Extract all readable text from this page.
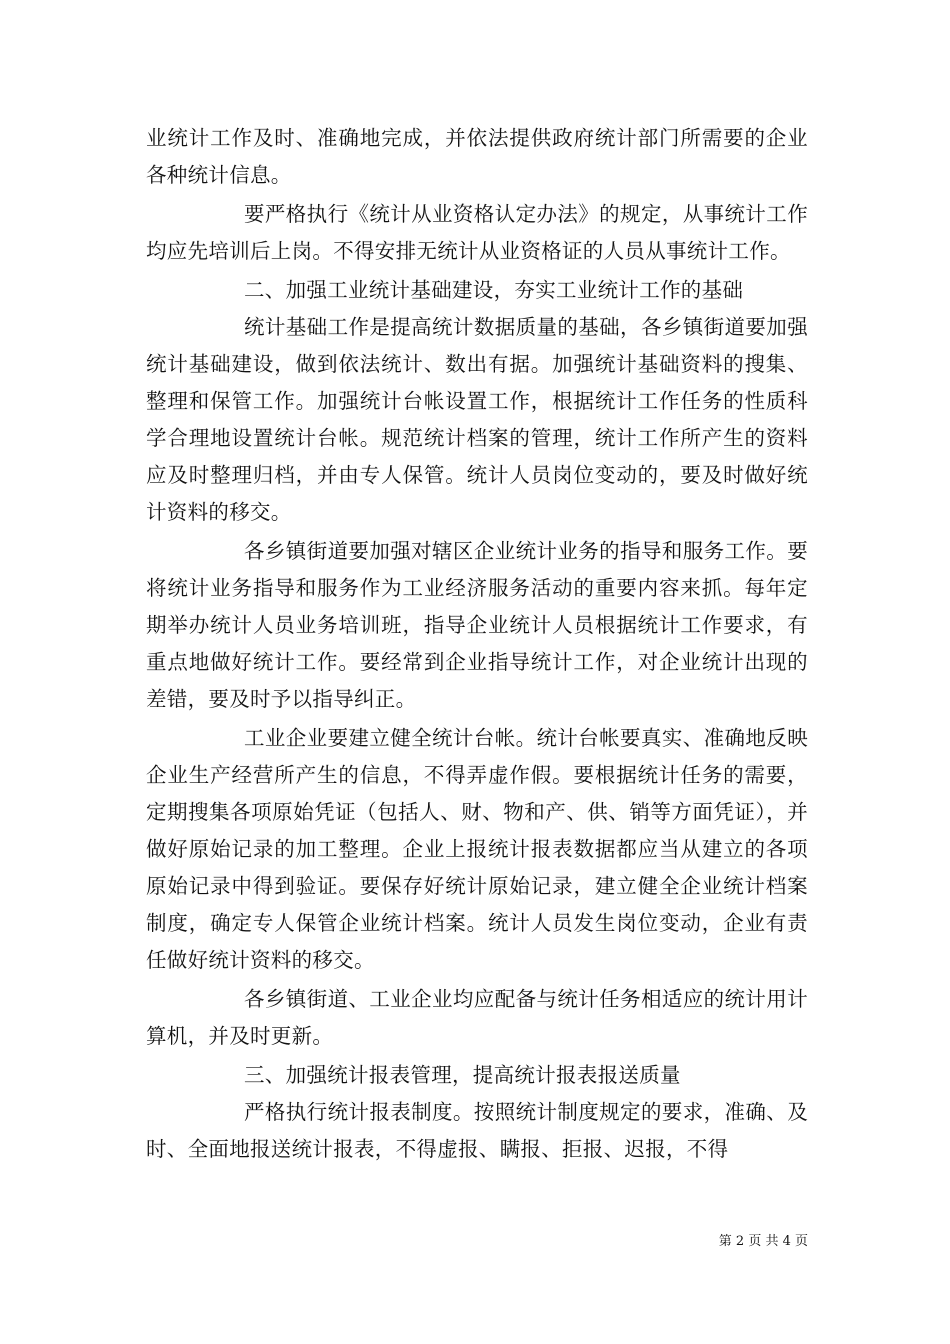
业统计工作及时、准确地完成，并依法提供政府统计部门所需要的企业各种统计信息。

要严格执行《统计从业资格认定办法》的规定，从事统计工作均应先培训后上岗。不得安排无统计从业资格证的人员从事统计工作。

二、加强工业统计基础建设，夯实工业统计工作的基础

统计基础工作是提高统计数据质量的基础，各乡镇街道要加强统计基础建设，做到依法统计、数出有据。加强统计基础资料的搜集、整理和保管工作。加强统计台帐设置工作，根据统计工作任务的性质科学合理地设置统计台帐。规范统计档案的管理，统计工作所产生的资料应及时整理归档，并由专人保管。统计人员岗位变动的，要及时做好统计资料的移交。

各乡镇街道要加强对辖区企业统计业务的指导和服务工作。要将统计业务指导和服务作为工业经济服务活动的重要内容来抓。每年定期举办统计人员业务培训班，指导企业统计人员根据统计工作要求，有重点地做好统计工作。要经常到企业指导统计工作，对企业统计出现的差错，要及时予以指导纠正。

工业企业要建立健全统计台帐。统计台帐要真实、准确地反映企业生产经营所产生的信息，不得弄虚作假。要根据统计任务的需要，定期搜集各项原始凭证（包括人、财、物和产、供、销等方面凭证），并做好原始记录的加工整理。企业上报统计报表数据都应当从建立的各项原始记录中得到验证。要保存好统计原始记录，建立健全企业统计档案制度，确定专人保管企业统计档案。统计人员发生岗位变动，企业有责任做好统计资料的移交。

各乡镇街道、工业企业均应配备与统计任务相适应的统计用计算机，并及时更新。

三、加强统计报表管理，提高统计报表报送质量

严格执行统计报表制度。按照统计制度规定的要求，准确、及时、全面地报送统计报表，不得虚报、瞒报、拒报、迟报，不得

第 2 页 共 4 页
